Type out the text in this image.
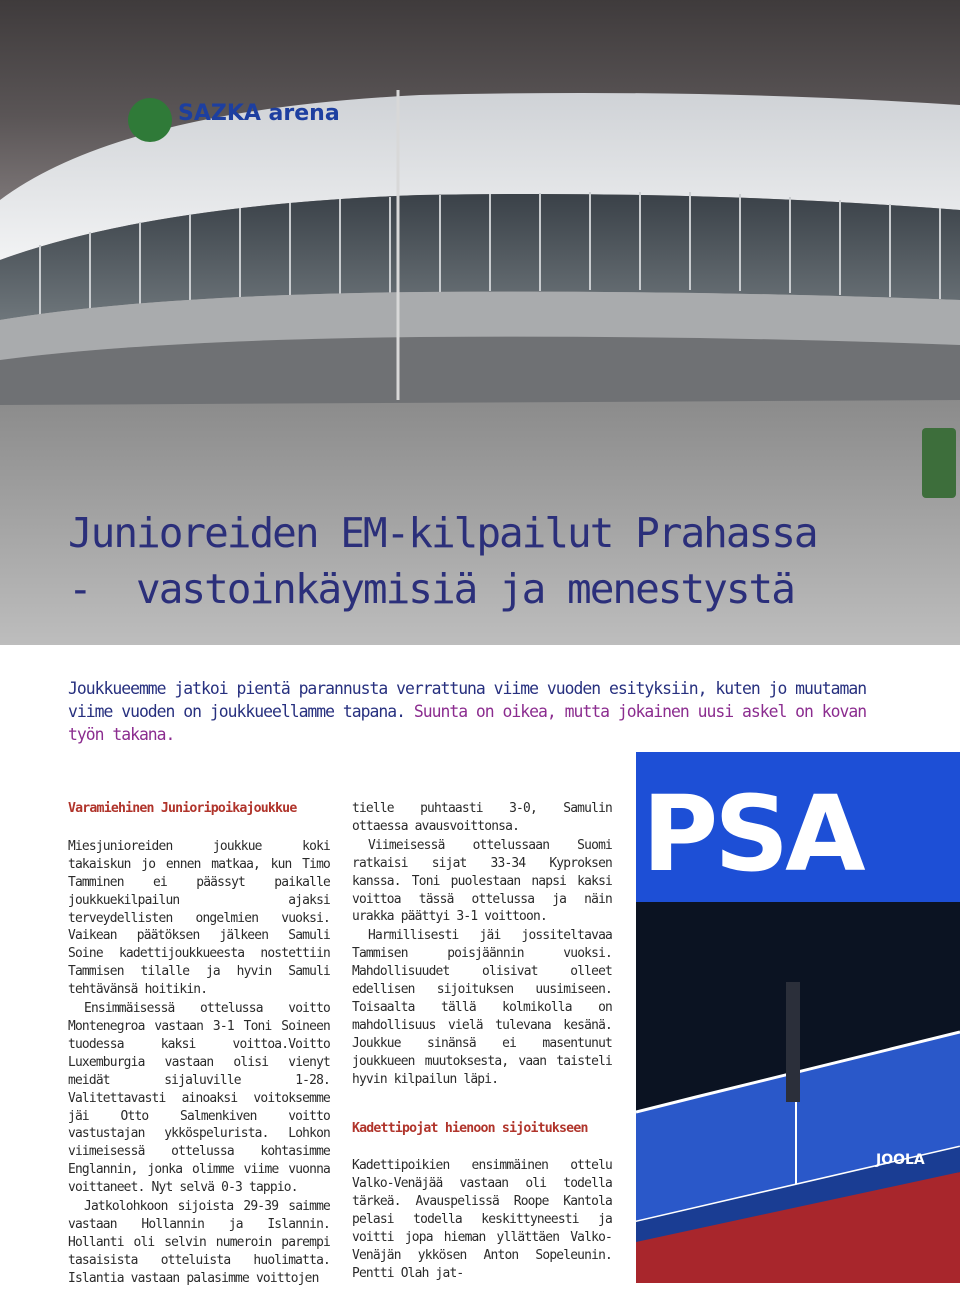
SAZKA arena
Junioreiden EM-kilpailut Prahassa
-  vastoinkäymisiä ja menestystä

Joukkueemme jatkoi pientä parannusta verrattuna viime vuoden esityksiin, kuten jo muutaman viime vuoden on joukkueellamme tapana. Suunta on oikea, mutta jokainen uusi askel on kovan työn takana.

Varamiehinen Junioripoikajoukkue

Miesjunioreiden joukkue koki takaiskun jo ennen matkaa, kun Timo Tamminen ei päässyt paikalle joukkuekilpailun ajaksi terveydellisten ongelmien vuoksi. Vaikean päätöksen jälkeen Samuli Soine kadettijoukkueesta nostettiin Tammisen tilalle ja hyvin Samuli tehtävänsä hoitikin.

Ensimmäisessä ottelussa voitto Montenegroa vastaan 3-1 Toni Soineen tuodessa kaksi voittoa.Voitto Luxemburgia vastaan olisi vienyt meidät sijaluville 1-28. Valitettavasti ainoaksi voitoksemme jäi Otto Salmenkiven voitto vastustajan ykköspelurista. Lohkon viimeisessä ottelussa kohtasimme Englannin, jonka olimme viime vuonna voittaneet. Nyt selvä 0-3 tappio.

Jatkolohkoon sijoista 29-39 saimme vastaan Hollannin ja Islannin. Hollanti oli selvin numeroin parempi tasaisista otteluista huolimatta. Islantia vastaan palasimme voittojen

tielle puhtaasti 3-0, Samulin ottaessa avausvoittonsa.

Viimeisessä ottelussaan Suomi ratkaisi sijat 33-34 Kyproksen kanssa. Toni puolestaan napsi kaksi voittoa tässä ottelussa ja näin urakka päättyi 3-1 voittoon.

Harmillisesti jäi jossiteltavaa Tammisen poisjäännin vuoksi. Mahdollisuudet olisivat olleet edellisen sijoituksen uusimiseen. Toisaalta tällä kolmikolla on mahdollisuus vielä tulevana kesänä. Joukkue sinänsä ei masentunut joukkueen muutoksesta, vaan taisteli hyvin kilpailun läpi.

Kadettipojat hienoon sijoitukseen

Kadettipoikien ensimmäinen ottelu Valko-Venäjää vastaan oli todella tärkeä. Avauspelissä Roope Kantola pelasi todella keskittyneesti ja voitti jopa hieman yllättäen Valko-Venäjän ykkösen Anton Sopeleunin. Pentti Olah jat-

PSA
JOOLA
